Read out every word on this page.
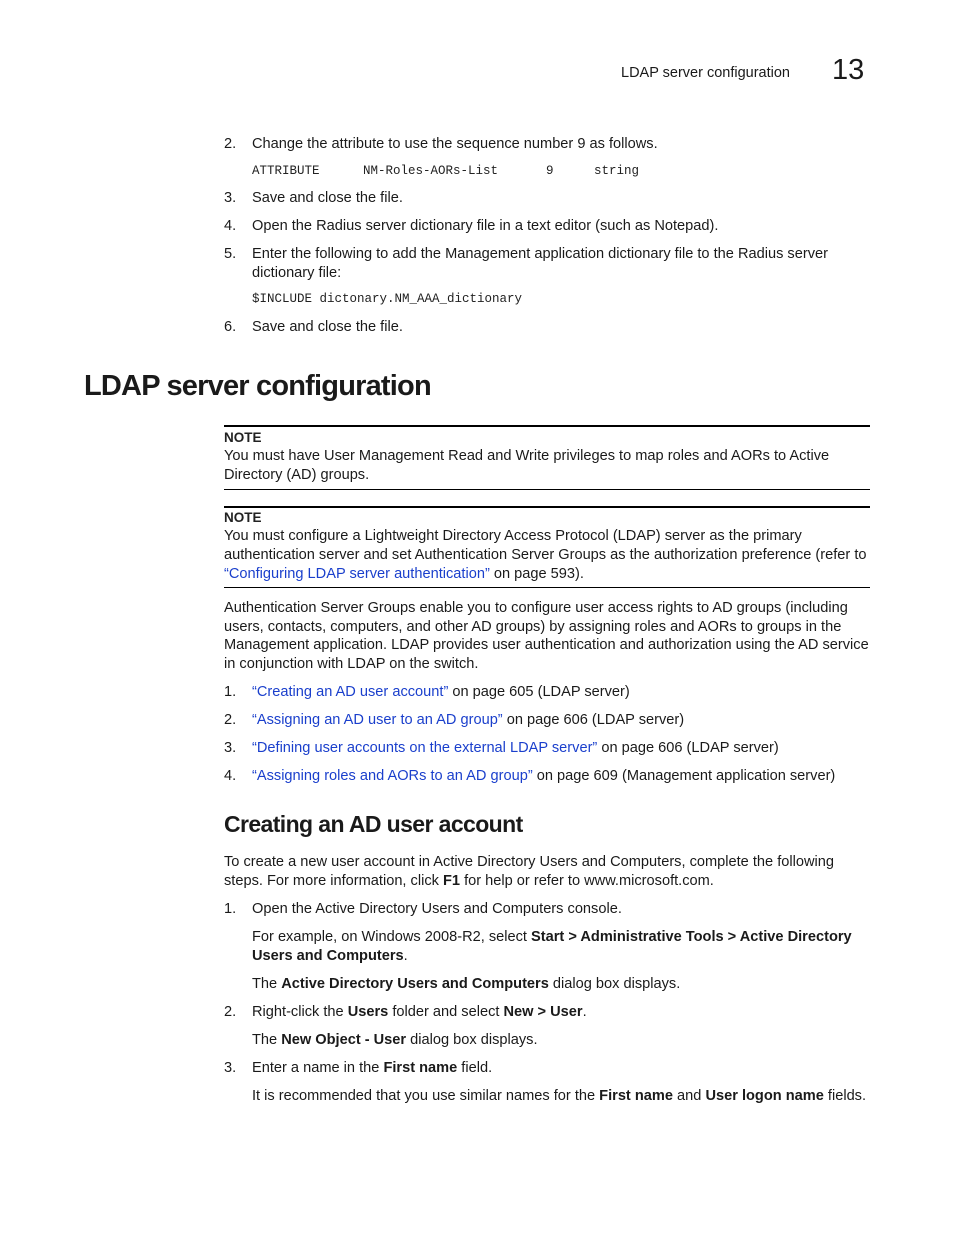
LDAP server configuration 13
2. Change the attribute to use the sequence number 9 as follows.

ATTRIBUTE

	NM-Roles-AORs-List

	9

	string

3. Save and close the file.
4. Open the Radius server dictionary file in a text editor (such as Notepad).
5. Enter the following to add the Management application dictionary file to the Radius server dictionary file:
$INCLUDE dictonary.NM_AAA_dictionary
6. Save and close the file.
LDAP server configuration
NOTE
You must have User Management Read and Write privileges to map roles and AORs to Active Directory (AD) groups.
NOTE
You must configure a Lightweight Directory Access Protocol (LDAP) server as the primary authentication server and set Authentication Server Groups as the authorization preference (refer to “Configuring LDAP server authentication” on page 593).
Authentication Server Groups enable you to configure user access rights to AD groups (including users, contacts, computers, and other AD groups) by assigning roles and AORs to groups in the Management application. LDAP provides user authentication and authorization using the AD service in conjunction with LDAP on the switch.
1. “Creating an AD user account” on page 605 (LDAP server)
2. “Assigning an AD user to an AD group” on page 606 (LDAP server)
3. “Defining user accounts on the external LDAP server” on page 606 (LDAP server)
4. “Assigning roles and AORs to an AD group” on page 609 (Management application server)
Creating an AD user account
To create a new user account in Active Directory Users and Computers, complete the following steps. For more information, click F1 for help or refer to www.microsoft.com.
1. Open the Active Directory Users and Computers console.
For example, on Windows 2008-R2, select Start > Administrative Tools > Active Directory Users and Computers.
The Active Directory Users and Computers dialog box displays.
2. Right-click the Users folder and select New > User.
The New Object - User dialog box displays.
3. Enter a name in the First name field.
It is recommended that you use similar names for the First name and User logon name fields.
